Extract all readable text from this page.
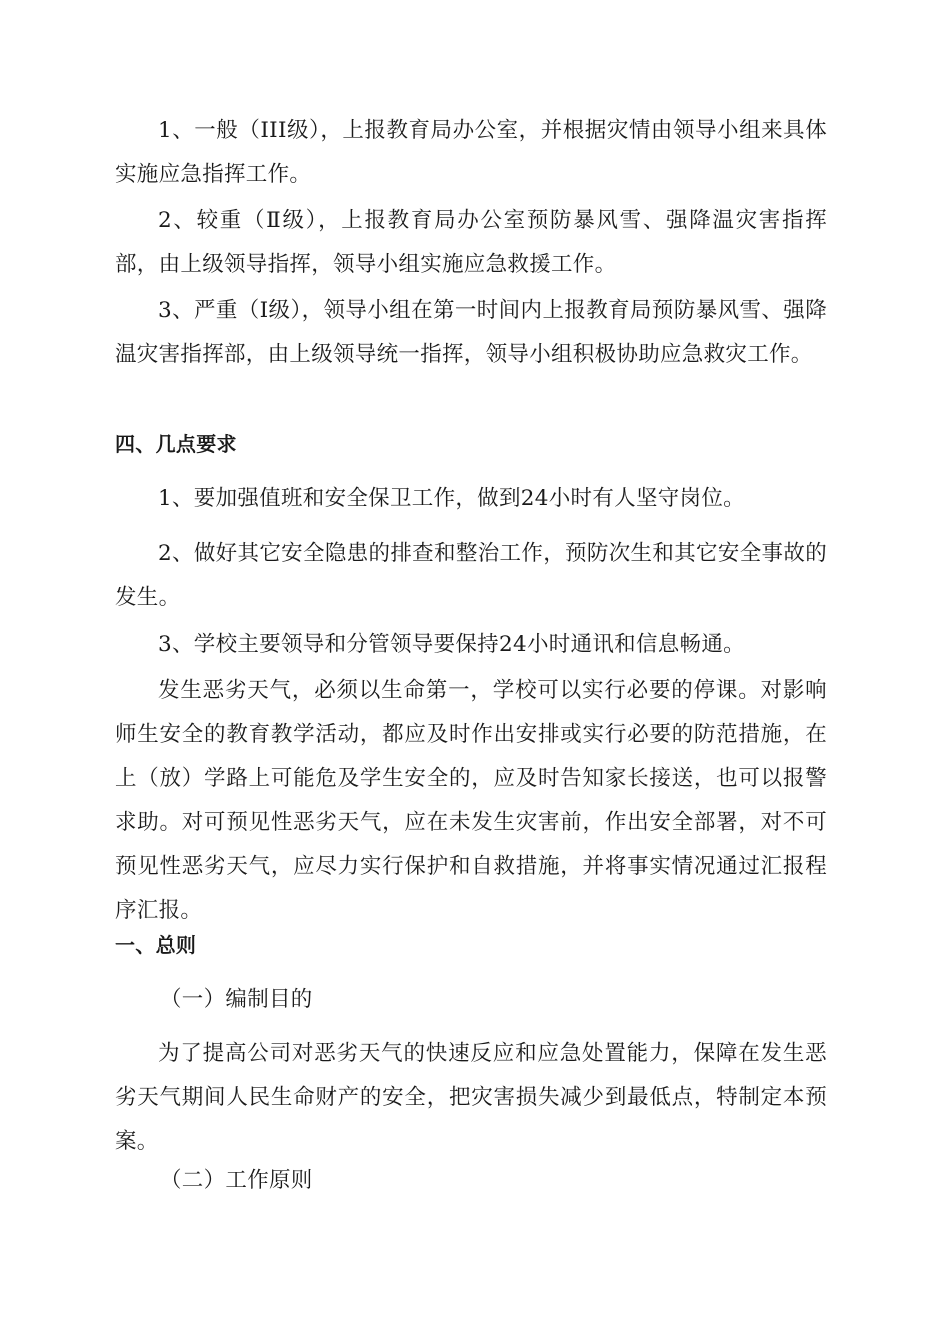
1、一般（III级），上报教育局办公室，并根据灾情由领导小组来具体实施应急指挥工作。

2、较重（Ⅱ级），上报教育局办公室预防暴风雪、强降温灾害指挥部，由上级领导指挥，领导小组实施应急救援工作。

3、严重（Ⅰ级），领导小组在第一时间内上报教育局预防暴风雪、强降温灾害指挥部，由上级领导统一指挥，领导小组积极协助应急救灾工作。

四、几点要求

1、要加强值班和安全保卫工作，做到24小时有人坚守岗位。

2、做好其它安全隐患的排查和整治工作，预防次生和其它安全事故的发生。

3、学校主要领导和分管领导要保持24小时通讯和信息畅通。

发生恶劣天气，必须以生命第一，学校可以实行必要的停课。对影响师生安全的教育教学活动，都应及时作出安排或实行必要的防范措施，在上（放）学路上可能危及学生安全的，应及时告知家长接送，也可以报警求助。对可预见性恶劣天气，应在未发生灾害前，作出安全部署，对不可预见性恶劣天气，应尽力实行保护和自救措施，并将事实情况通过汇报程序汇报。

一、总则

（一）编制目的

为了提高公司对恶劣天气的快速反应和应急处置能力，保障在发生恶劣天气期间人民生命财产的安全，把灾害损失减少到最低点，特制定本预案。

（二）工作原则
